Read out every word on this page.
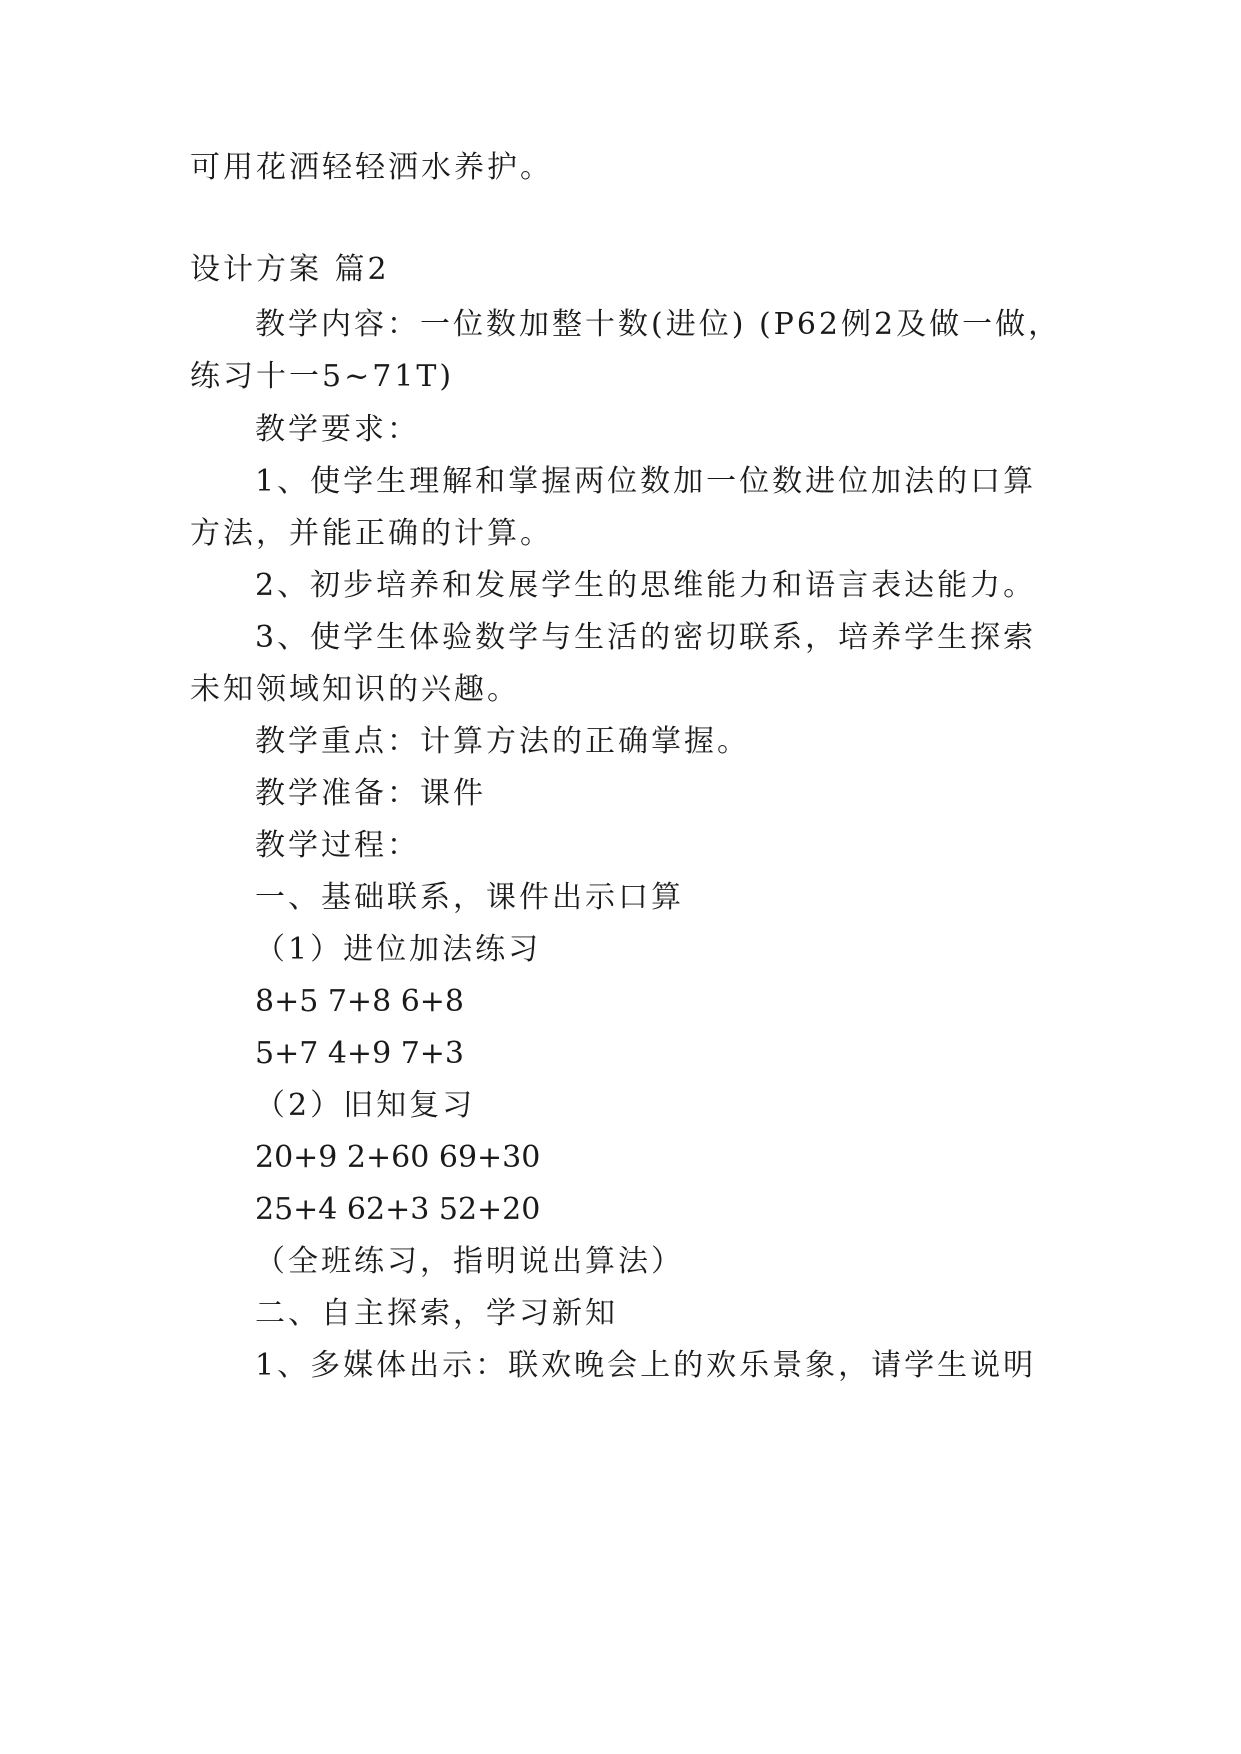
可用花洒轻轻洒水养护。
设计方案 篇2
教学内容：一位数加整十数(进位) (P62例2及做一做，
练习十一5~71T)
教学要求：
1、使学生理解和掌握两位数加一位数进位加法的口算
方法，并能正确的计算。
2、初步培养和发展学生的思维能力和语言表达能力。
3、使学生体验数学与生活的密切联系，培养学生探索
未知领域知识的兴趣。
教学重点：计算方法的正确掌握。
教学准备：课件
教学过程：
一、基础联系，课件出示口算
（1）进位加法练习
8+5 7+8 6+8
5+7 4+9 7+3
（2）旧知复习
20+9 2+60 69+30
25+4 62+3 52+20
（全班练习，指明说出算法）
二、自主探索，学习新知
1、多媒体出示：联欢晚会上的欢乐景象，请学生说明
